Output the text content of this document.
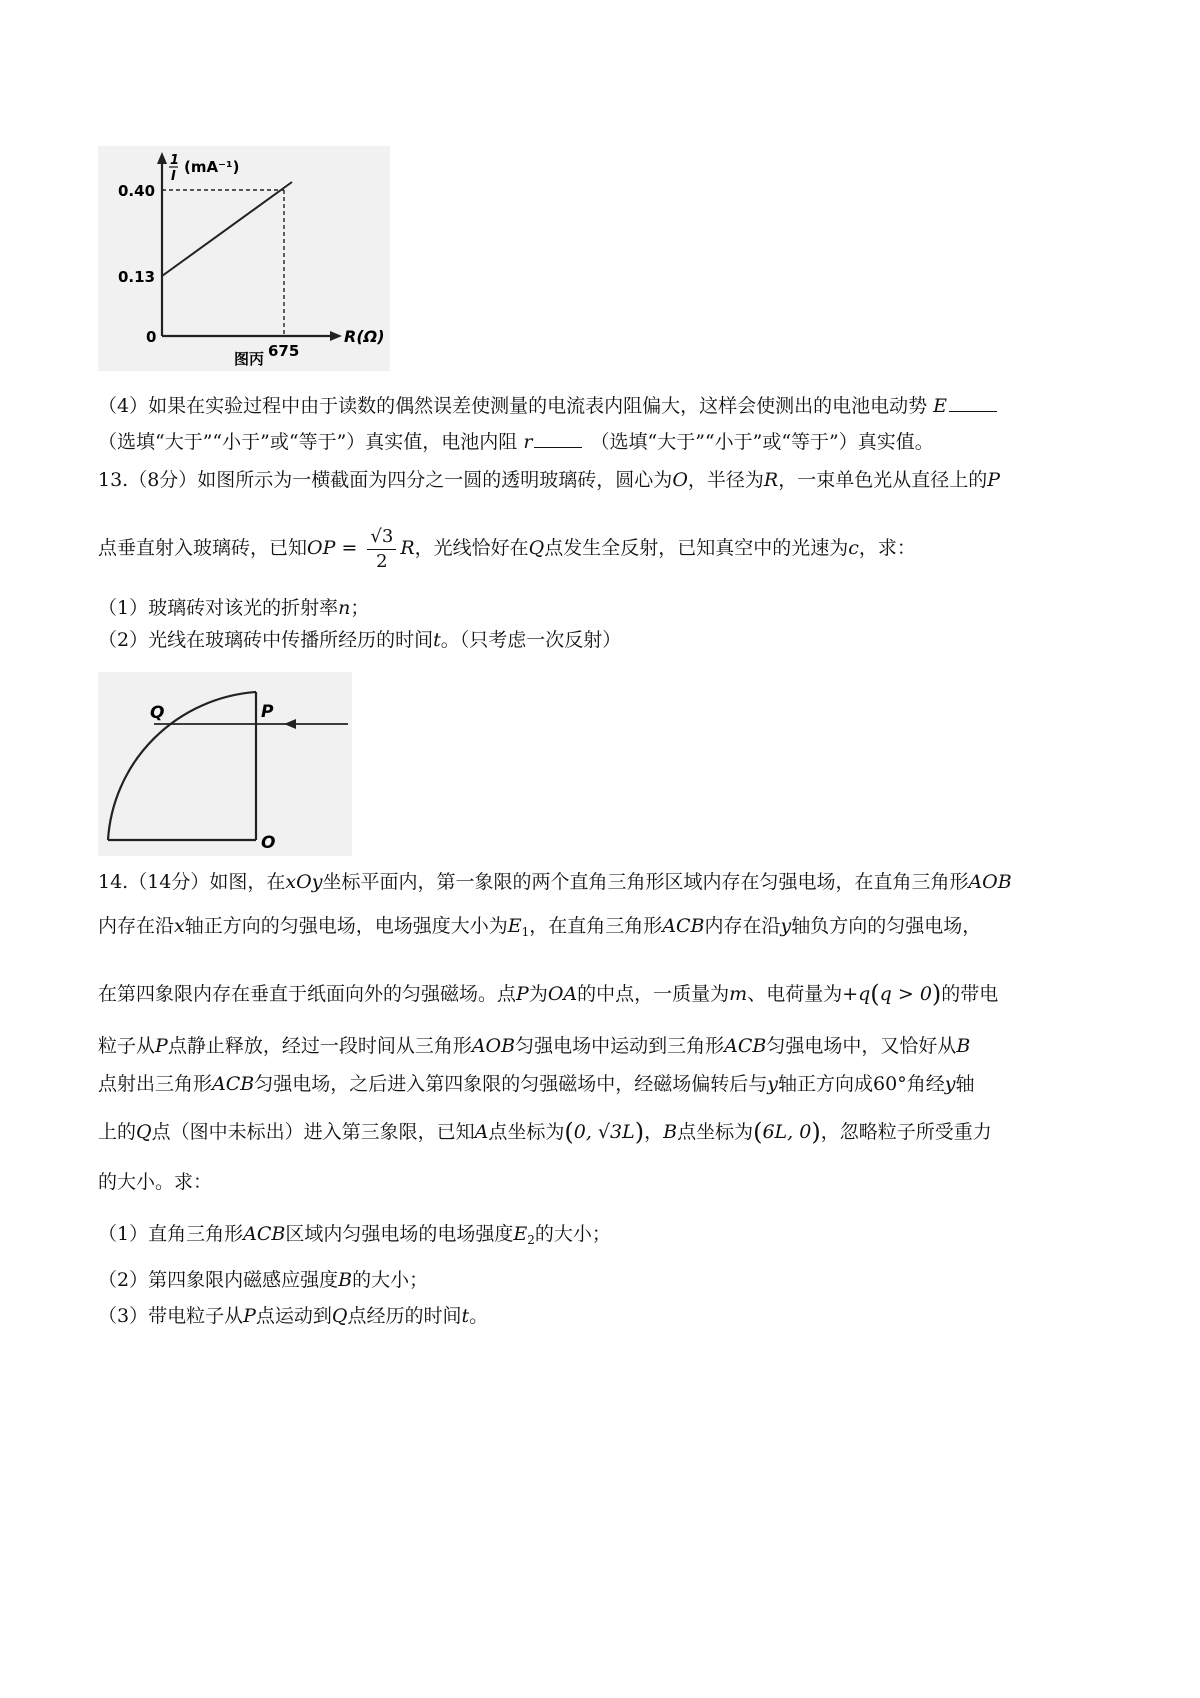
1
I
(mA⁻¹)
0.40
0.13
0
675
R(Ω)
图丙
（4）如果在实验过程中由于读数的偶然误差使测量的电流表内阻偏大，这样会使测出的电池电动势 E
（选填“大于”“小于”或“等于”）真实值，电池内阻 r	（选填“大于”“小于”或“等于”）真实值。
13.（8分）如图所示为一横截面为四分之一圆的透明玻璃砖，圆心为O，半径为R，一束单色光从直径上的P
点垂直射入玻璃砖，已知OP = $\frac{√3}{2}$ R，光线恰好在Q点发生全反射，已知真空中的光速为c，求：
（1）玻璃砖对该光的折射率n；
（2）光线在玻璃砖中传播所经历的时间t。（只考虑一次反射）
Q	P
O
14.（14分）如图，在xOy坐标平面内，第一象限的两个直角三角形区域内存在匀强电场，在直角三角形AOB
内存在沿x轴正方向的匀强电场，电场强度大小为$E_1$，在直角三角形ACB内存在沿y轴负方向的匀强电场，
在第四象限内存在垂直于纸面向外的匀强磁场。点P为OA的中点，一质量为m、电荷量为+q(q > 0)的带电
粒子从P点静止释放，经过一段时间从三角形AOB匀强电场中运动到三角形ACB匀强电场中，又恰好从B
点射出三角形ACB匀强电场，之后进入第四象限的匀强磁场中，经磁场偏转后与y轴正方向成60°角经y轴
上的Q点（图中未标出）进入第三象限，已知A点坐标为(0, √3L)，B点坐标为(6L, 0)，忽略粒子所受重力
的大小。求：
（1）直角三角形ACB区域内匀强电场的电场强度$E_2$的大小；
（2）第四象限内磁感应强度B的大小；
（3）带电粒子从P点运动到Q点经历的时间t。
